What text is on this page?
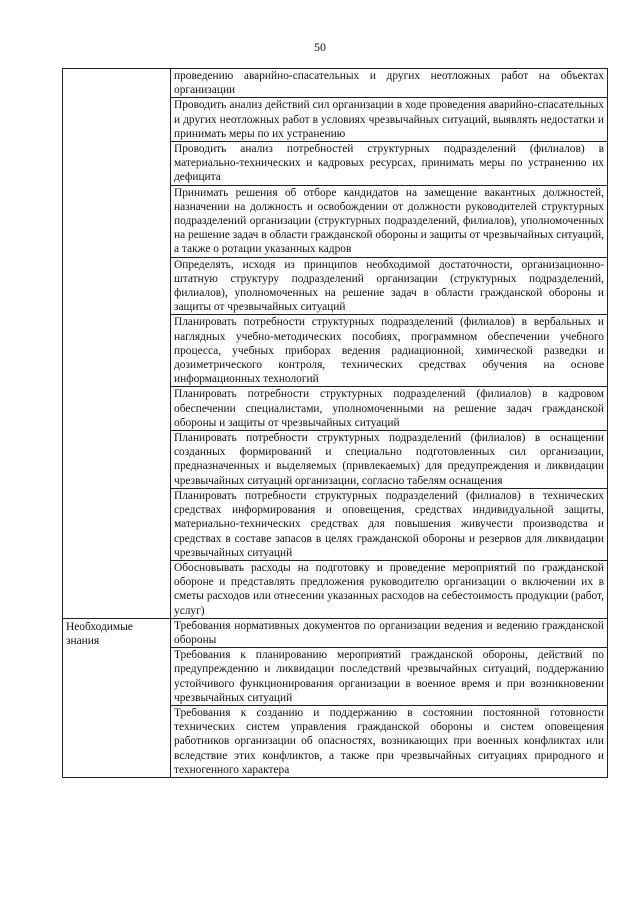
50
	проведению аварийно-спасательных и других неотложных работ на объектах организации
	Проводить анализ действий сил организации в ходе проведения аварийно-спасательных и других неотложных работ в условиях чрезвычайных ситуаций, выявлять недостатки и принимать меры по их устранению
	Проводить анализ потребностей структурных подразделений (филиалов) в материально-технических и кадровых ресурсах, принимать меры по устранению их дефицита
	Принимать решения об отборе кандидатов на замещение вакантных должностей, назначении на должность и освобождении от должности руководителей структурных подразделений организации (структурных подразделений, филиалов), уполномоченных на решение задач в области гражданской обороны и защиты от чрезвычайных ситуаций, а также о ротации указанных кадров
	Определять, исходя из принципов необходимой достаточности, организационно-штатную структуру подразделений организации (структурных подразделений, филиалов), уполномоченных на решение задач в области гражданской обороны и защиты от чрезвычайных ситуаций
	Планировать потребности структурных подразделений (филиалов) в вербальных и наглядных учебно-методических пособиях, программном обеспечении учебного процесса, учебных приборах ведения радиационной, химической разведки и дозиметрического контроля, технических средствах обучения на основе информационных технологий
	Планировать потребности структурных подразделений (филиалов) в кадровом обеспечении специалистами, уполномоченными на решение задач гражданской обороны и защиты от чрезвычайных ситуаций
	Планировать потребности структурных подразделений (филиалов) в оснащении созданных формирований и специально подготовленных сил организации, предназначенных и выделяемых (привлекаемых) для предупреждения и ликвидации чрезвычайных ситуаций организации, согласно табелям оснащения
	Планировать потребности структурных подразделений (филиалов) в технических средствах информирования и оповещения, средствах индивидуальной защиты, материально-технических средствах для повышения живучести производства и средствах в составе запасов в целях гражданской обороны и резервов для ликвидации чрезвычайных ситуаций
	Обосновывать расходы на подготовку и проведение мероприятий по гражданской обороне и представлять предложения руководителю организации о включении их в сметы расходов или отнесении указанных расходов на себестоимость продукции (работ, услуг)

Необходимые знания	Требования нормативных документов по организации ведения и ведению гражданской обороны
	Требования к планированию мероприятий гражданской обороны, действий по предупреждению и ликвидации последствий чрезвычайных ситуаций, поддержанию устойчивого функционирования организации в военное время и при возникновении чрезвычайных ситуаций
	Требования к созданию и поддержанию в состоянии постоянной готовности технических систем управления гражданской обороны и систем оповещения работников организации об опасностях, возникающих при военных конфликтах или вследствие этих конфликтов, а также при чрезвычайных ситуациях природного и техногенного характера
